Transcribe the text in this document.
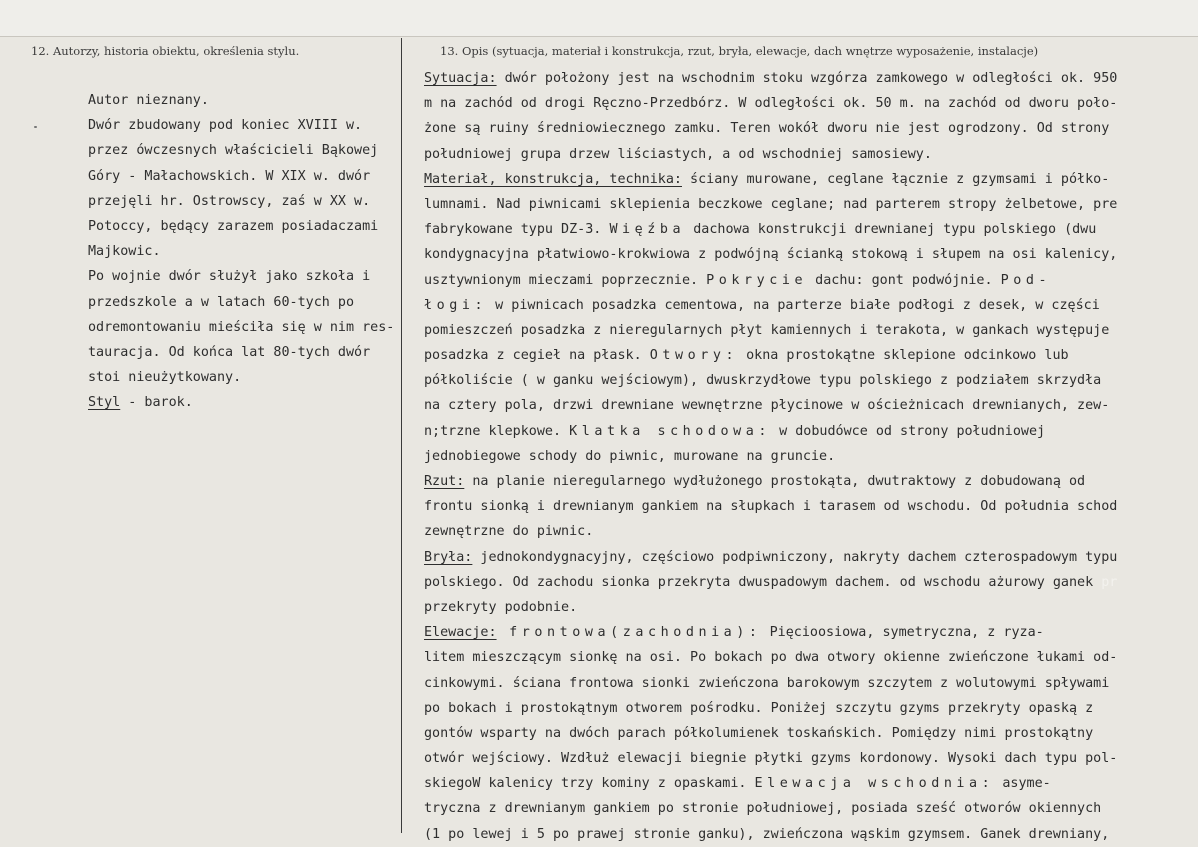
12. Autorzy, historia obiektu, określenia stylu.	13. Opis (sytuacja, materiał i konstrukcja, rzut, bryła, elewacje, dach wnętrze wyposażenie, instalacje)
Autor nieznany.
Dwór zbudowany pod koniec XVIII w.
przez ówczesnych właścicieli Bąkowej
Góry - Małachowskich. W XIX w. dwór
przejęli hr. Ostrowscy, zaś w XX w.
Potoccy, będący zarazem posiadaczami
Majkowic.
Po wojnie dwór służył jako szkoła i
przedszkole a w latach 60-tych po
odremontowaniu mieściła się w nim res-
tauracja. Od końca lat 80-tych dwór
stoi nieużytkowany.
Styl - barok.
Sytuacja: dwór położony jest na wschodnim stoku wzgórza zamkowego w odległości ok. 950
m na zachód od drogi Ręczno-Przedbórz. W odległości ok. 50 m. na zachód od dworu poło-
żone są ruiny średniowiecznego zamku. Teren wokół dworu nie jest ogrodzony. Od strony
południowej grupa drzew liściastych, a od wschodniej samosiewy.
Materiał, konstrukcja, technika: ściany murowane, ceglane łącznie z gzymsami i półko-
lumnami. Nad piwnicami sklepienia beczkowe ceglane; nad parterem stropy żelbetowe, pre
fabrykowane typu DZ-3. Więźba dachowa konstrukcji drewnianej typu polskiego (dwu
kondygnacyjna płatwiowo-krokwiowa z podwójną ścianką stokową i słupem na osi kalenicy,
usztywnionym mieczami poprzecznie. Pokrycie dachu: gont podwójnie. Pod-
łogi: w piwnicach posadzka cementowa, na parterze białe podłogi z desek, w części
pomieszczeń posadzka z nieregularnych płyt kamiennych i terakota, w gankach występuje
posadzka z cegieł na płask. Otwory: okna prostokątne sklepione odcinkowo lub
półkoliście ( w ganku wejściowym), dwuskrzydłowe typu polskiego z podziałem skrzydła
na cztery pola, drzwi drewniane wewnętrzne płycinowe w ościeżnicach drewnianych, zew-
n;trzne klepkowe. Klatka schodowa: w dobudówce od strony południowej
jednobiegowe schody do piwnic, murowane na gruncie.
Rzut: na planie nieregularnego wydłużonego prostokąta, dwutraktowy z dobudowaną od
frontu sionką i drewnianym gankiem na słupkach i tarasem od wschodu. Od południa schod
zewnętrzne do piwnic.
Bryła: jednokondygnacyjny, częściowo podpiwniczony, nakryty dachem czterospadowym typu
polskiego. Od zachodu sionka przekryta dwuspadowym dachem. od wschodu ażurowy ganek pr
przekryty podobnie.
Elewacje: frontowa(zachodnia): Pięcioosiowa, symetryczna, z ryza-
litem mieszczącym sionkę na osi. Po bokach po dwa otwory okienne zwieńczone łukami od-
cinkowymi. ściana frontowa sionki zwieńczona barokowym szczytem z wolutowymi spływami
po bokach i prostokątnym otworem pośrodku. Poniżej szczytu gzyms przekryty opaską z
gontów wsparty na dwóch parach półkolumienek toskańskich. Pomiędzy nimi prostokątny
otwór wejściowy. Wzdłuż elewacji biegnie płytki gzyms kordonowy. Wysoki dach typu pol-
skiegoW kalenicy trzy kominy z opaskami. Elewacja wschodnia: asyme-
tryczna z drewnianym gankiem po stronie południowej, posiada sześć otworów okiennych
(1 po lewej i 5 po prawej stronie ganku), zwieńczona wąskim gzymsem. Ganek drewniany,
